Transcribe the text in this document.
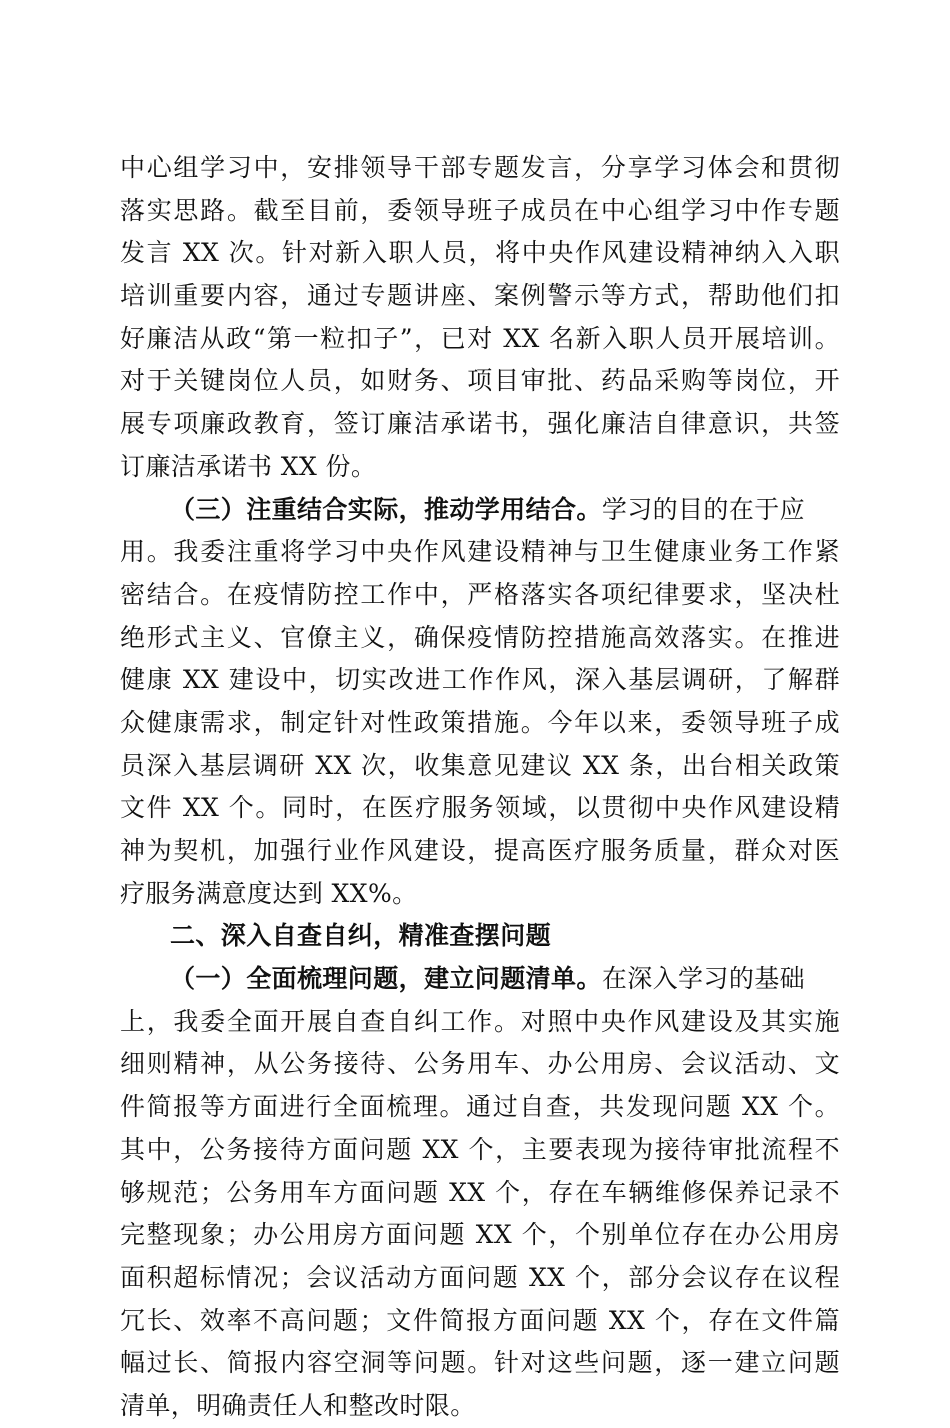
中心组学习中，安排领导干部专题发言，分享学习体会和贯彻
落实思路。截至目前，委领导班子成员在中心组学习中作专题
发言 XX 次。针对新入职人员，将中央作风建设精神纳入入职
培训重要内容，通过专题讲座、案例警示等方式，帮助他们扣
好廉洁从政“第一粒扣子”，已对 XX 名新入职人员开展培训。
对于关键岗位人员，如财务、项目审批、药品采购等岗位，开
展专项廉政教育，签订廉洁承诺书，强化廉洁自律意识，共签
订廉洁承诺书 XX 份。
（三）注重结合实际，推动学用结合。学习的目的在于应
用。我委注重将学习中央作风建设精神与卫生健康业务工作紧
密结合。在疫情防控工作中，严格落实各项纪律要求，坚决杜
绝形式主义、官僚主义，确保疫情防控措施高效落实。在推进
健康 XX 建设中，切实改进工作作风，深入基层调研，了解群
众健康需求，制定针对性政策措施。今年以来，委领导班子成
员深入基层调研 XX 次，收集意见建议 XX 条，出台相关政策
文件 XX 个。同时，在医疗服务领域，以贯彻中央作风建设精
神为契机，加强行业作风建设，提高医疗服务质量，群众对医
疗服务满意度达到 XX%。
二、深入自查自纠，精准查摆问题
（一）全面梳理问题，建立问题清单。在深入学习的基础
上，我委全面开展自查自纠工作。对照中央作风建设及其实施
细则精神，从公务接待、公务用车、办公用房、会议活动、文
件简报等方面进行全面梳理。通过自查，共发现问题 XX 个。
其中，公务接待方面问题 XX 个，主要表现为接待审批流程不
够规范；公务用车方面问题 XX 个，存在车辆维修保养记录不
完整现象；办公用房方面问题 XX 个，个别单位存在办公用房
面积超标情况；会议活动方面问题 XX 个，部分会议存在议程
冗长、效率不高问题；文件简报方面问题 XX 个，存在文件篇
幅过长、简报内容空洞等问题。针对这些问题，逐一建立问题
清单，明确责任人和整改时限。
